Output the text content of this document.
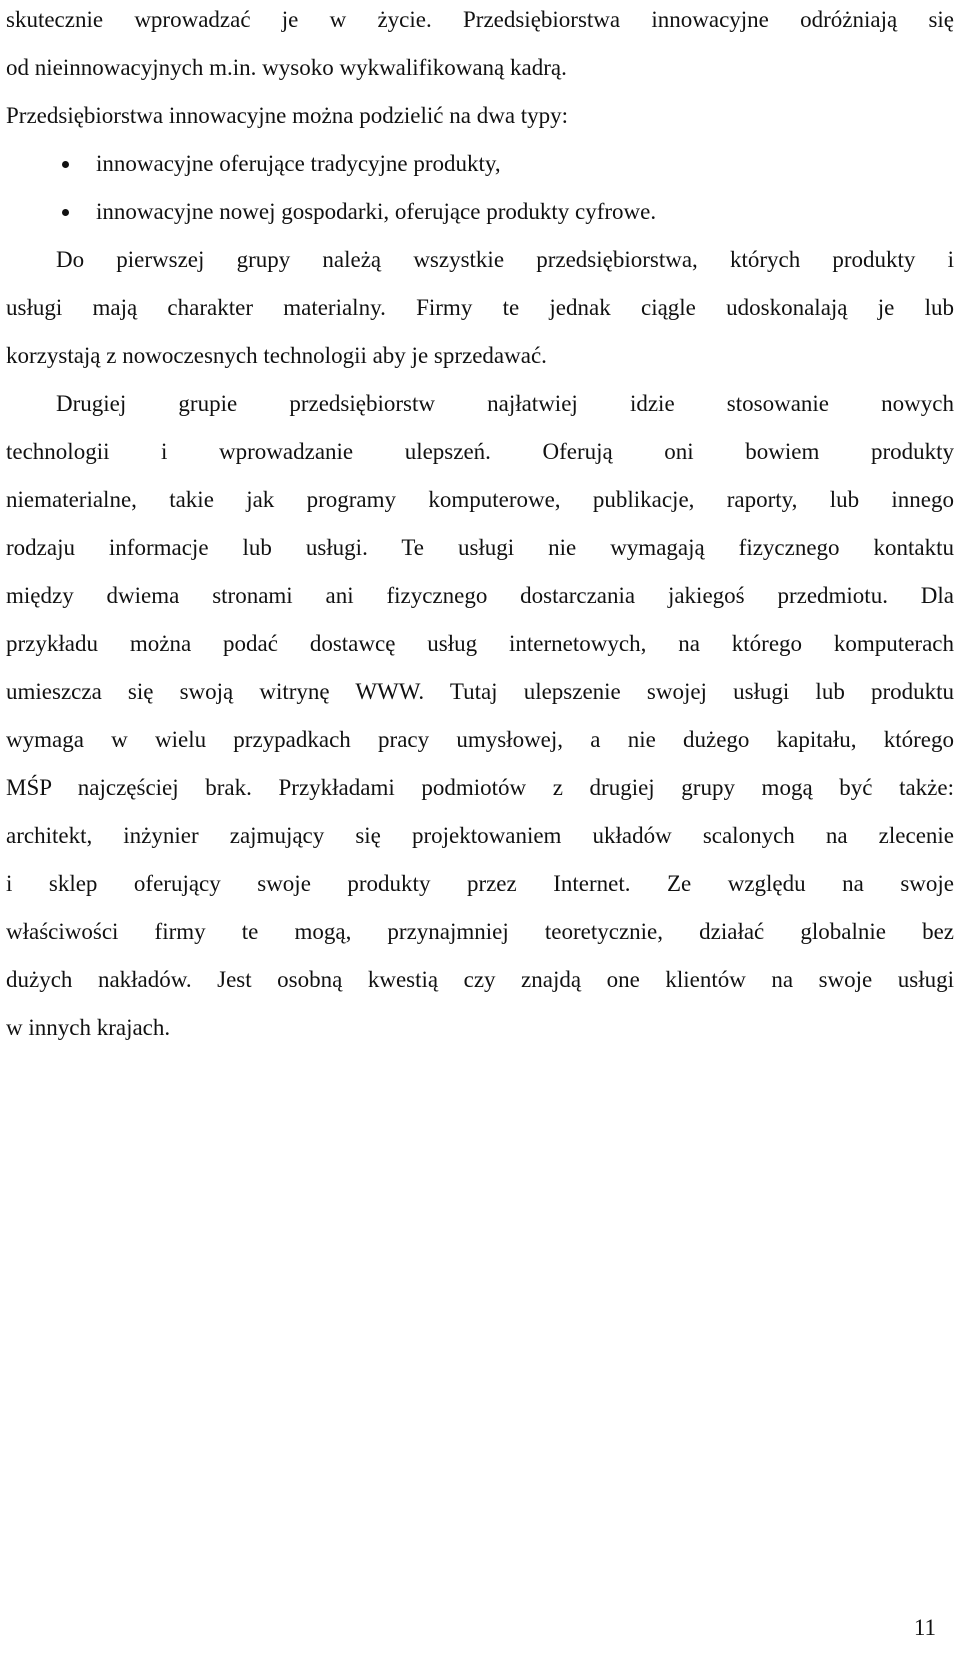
skutecznie wprowadzać je w życie. Przedsiębiorstwa innowacyjne odróżniają się
od nieinnowacyjnych m.in. wysoko wykwalifikowaną kadrą.
Przedsiębiorstwa innowacyjne można podzielić na dwa typy:
innowacyjne oferujące tradycyjne produkty,
innowacyjne nowej gospodarki, oferujące produkty cyfrowe.
Do pierwszej grupy należą wszystkie przedsiębiorstwa, których produkty i
usługi mają charakter materialny. Firmy te jednak ciągle udoskonalają je lub
korzystają z nowoczesnych technologii aby je sprzedawać.
Drugiej grupie przedsiębiorstw najłatwiej idzie stosowanie nowych
technologii i wprowadzanie ulepszeń. Oferują oni bowiem produkty
niematerialne, takie jak programy komputerowe, publikacje, raporty, lub innego
rodzaju informacje lub usługi. Te usługi nie wymagają fizycznego kontaktu
między dwiema stronami ani fizycznego dostarczania jakiegoś przedmiotu. Dla
przykładu można podać dostawcę usług internetowych, na którego komputerach
umieszcza się swoją witrynę WWW. Tutaj ulepszenie swojej usługi lub produktu
wymaga w wielu przypadkach pracy umysłowej, a nie dużego kapitału, którego
MŚP najczęściej brak. Przykładami podmiotów z drugiej grupy mogą być także:
architekt, inżynier zajmujący się projektowaniem układów scalonych na zlecenie
i sklep oferujący swoje produkty przez Internet. Ze względu na swoje
właściwości firmy te mogą, przynajmniej teoretycznie, działać globalnie bez
dużych nakładów. Jest osobną kwestią czy znajdą one klientów na swoje usługi
w innych krajach.
11
